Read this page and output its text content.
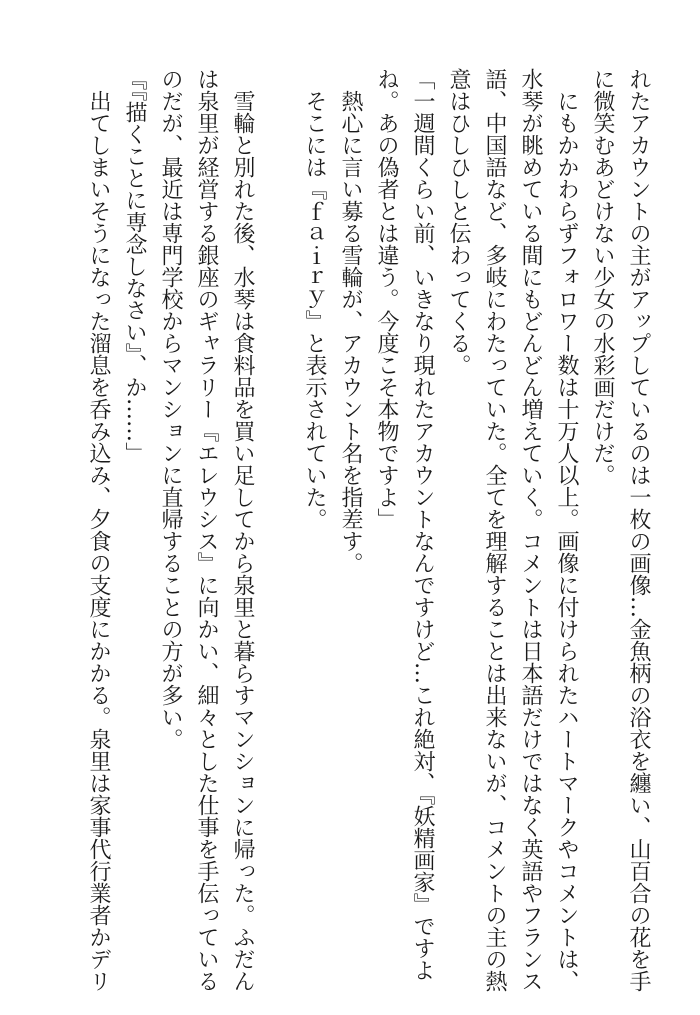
れたアカウントの主がアップしているのは一枚の画像…金魚柄の浴衣を纏い、山百合の花を手

に微笑むあどけない少女の水彩画だけだ。

　にもかかわらずフォロワー数は十万人以上。画像に付けられたハートマークやコメントは、

水琴が眺めている間にもどんどん増えていく。コメントは日本語だけではなく英語やフランス

語、中国語など、多岐にわたっていた。全てを理解することは出来ないが、コメントの主の熱

意はひしひしと伝わってくる。

「一週間くらい前、いきなり現れたアカウントなんですけど…これ絶対、『妖精画家』ですよ

ね。あの偽者とは違う。今度こそ本物ですよ」

　熱心に言い募る雪輪が、アカウント名を指差す。

　そこには『ｆａｉｒｙ』と表示されていた。

　雪輪と別れた後、水琴は食料品を買い足してから泉里と暮らすマンションに帰った。ふだん

は泉里が経営する銀座のギャラリー『エレウシス』に向かい、細々とした仕事を手伝っている

のだが、最近は専門学校からマンションに直帰することの方が多い。

『『描くことに専念しなさい』、か……」

　出てしまいそうになった溜息を呑み込み、夕食の支度にかかる。泉里は家事代行業者かデリ
